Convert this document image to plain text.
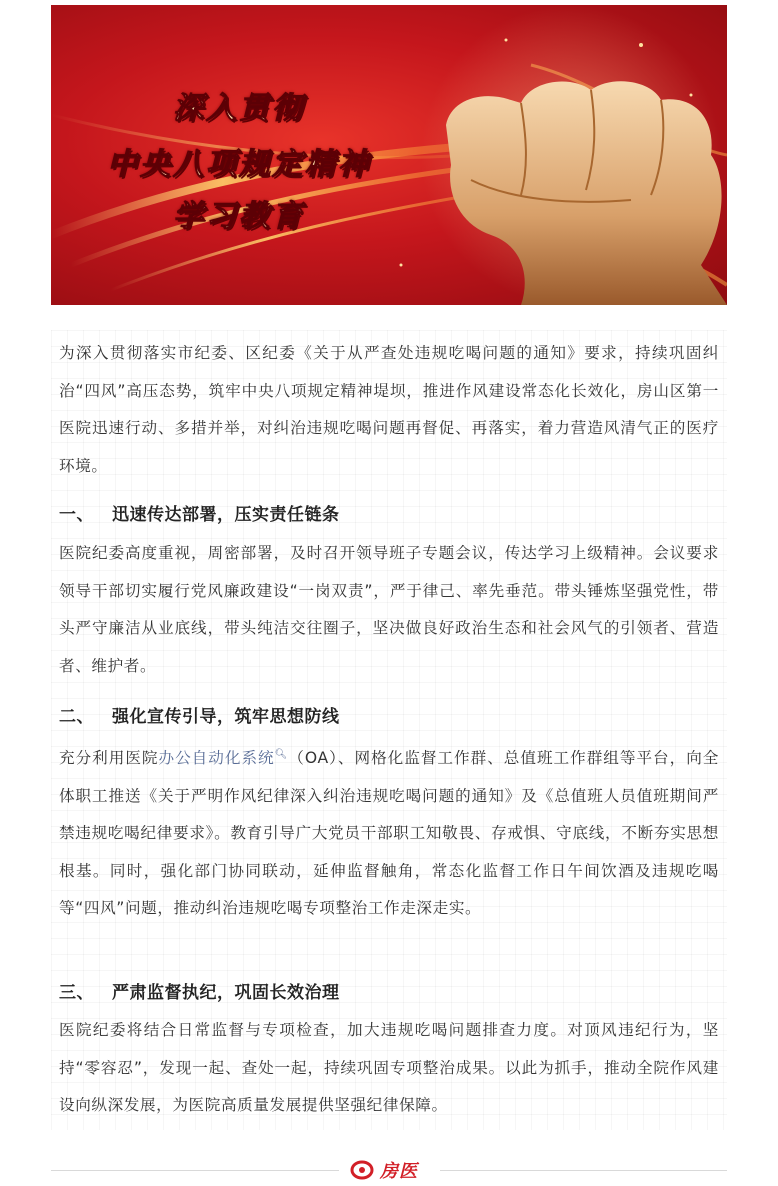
深入贯彻
中央八项规定精神
学习教育

为深入贯彻落实市纪委、区纪委《关于从严查处违规吃喝问题的通知》要求，持续巩固纠治“四风”高压态势，筑牢中央八项规定精神堤坝，推进作风建设常态化长效化，房山区第一医院迅速行动、多措并举，对纠治违规吃喝问题再督促、再落实，着力营造风清气正的医疗环境。

一、 迅速传达部署，压实责任链条

医院纪委高度重视，周密部署，及时召开领导班子专题会议，传达学习上级精神。会议要求领导干部切实履行党风廉政建设“一岗双责”，严于律己、率先垂范。带头锤炼坚强党性，带头严守廉洁从业底线，带头纯洁交往圈子，坚决做良好政治生态和社会风气的引领者、营造者、维护者。

二、 强化宣传引导，筑牢思想防线

充分利用医院办公自动化系统🔍︎（OA）、网格化监督工作群、总值班工作群组等平台，向全体职工推送《关于严明作风纪律深入纠治违规吃喝问题的通知》及《总值班人员值班期间严禁违规吃喝纪律要求》。教育引导广大党员干部职工知敬畏、存戒惧、守底线，不断夯实思想根基。同时，强化部门协同联动，延伸监督触角，常态化监督工作日午间饮酒及违规吃喝等“四风”问题，推动纠治违规吃喝专项整治工作走深走实。

三、 严肃监督执纪，巩固长效治理

医院纪委将结合日常监督与专项检查，加大违规吃喝问题排查力度。对顶风违纪行为，坚持“零容忍”，发现一起、查处一起，持续巩固专项整治成果。以此为抓手，推动全院作风建设向纵深发展，为医院高质量发展提供坚强纪律保障。

房医
